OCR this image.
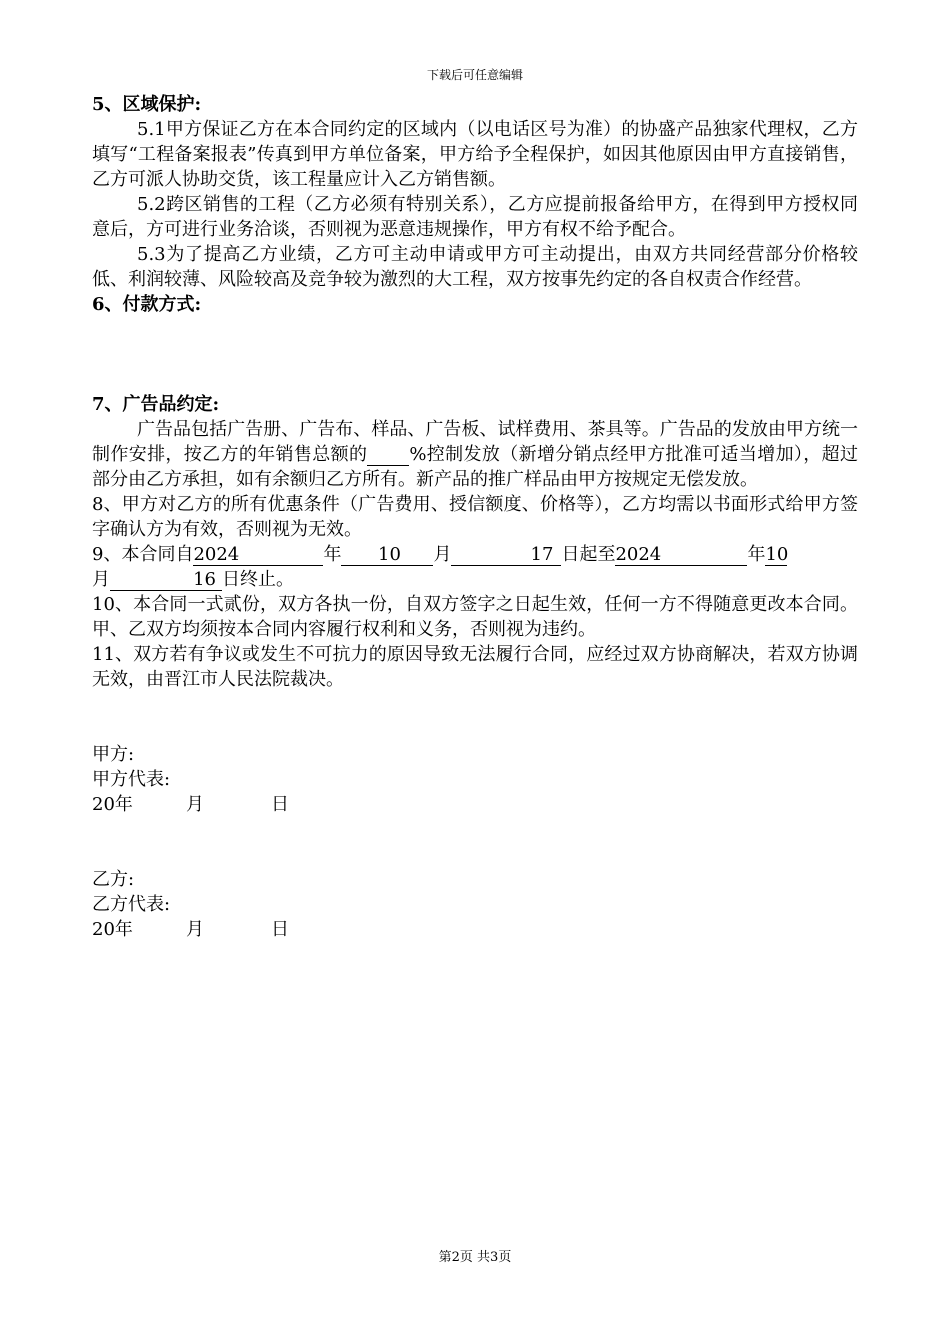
下载后可任意编辑

5、区域保护:

5.1甲方保证乙方在本合同约定的区域内（以电话区号为准）的协盛产品独家代理权，乙方填写“工程备案报表”传真到甲方单位备案，甲方给予全程保护，如因其他原因由甲方直接销售，乙方可派人协助交货，该工程量应计入乙方销售额。

5.2跨区销售的工程（乙方必须有特别关系），乙方应提前报备给甲方，在得到甲方授权同意后，方可进行业务洽谈，否则视为恶意违规操作，甲方有权不给予配合。

5.3为了提高乙方业绩，乙方可主动申请或甲方可主动提出，由双方共同经营部分价格较低、利润较薄、风险较高及竞争较为激烈的大工程，双方按事先约定的各自权责合作经营。

6、付款方式:

7、广告品约定:

广告品包括广告册、广告布、样品、广告板、试样费用、茶具等。广告品的发放由甲方统一制作安排，按乙方的年销售总额的 %控制发放（新增分销点经甲方批准可适当增加），超过部分由乙方承担，如有余额归乙方所有。新产品的推广样品由甲方按规定无偿发放。

8、甲方对乙方的所有优惠条件（广告费用、授信额度、价格等），乙方均需以书面形式给甲方签字确认方为有效，否则视为无效。

9、本合同自2024	年 10 月	17 日起至2024	年10
月	16 日终止。

10、本合同一式贰份，双方各执一份，自双方签字之日起生效，任何一方不得随意更改本合同。甲、乙双方均须按本合同内容履行权利和义务，否则视为违约。

11、双方若有争议或发生不可抗力的原因导致无法履行合同，应经过双方协商解决，若双方协调无效，由晋江市人民法院裁决。

甲方:

甲方代表:

20年	月	日

乙方:

乙方代表:

20年	月	日

第2页 共3页
